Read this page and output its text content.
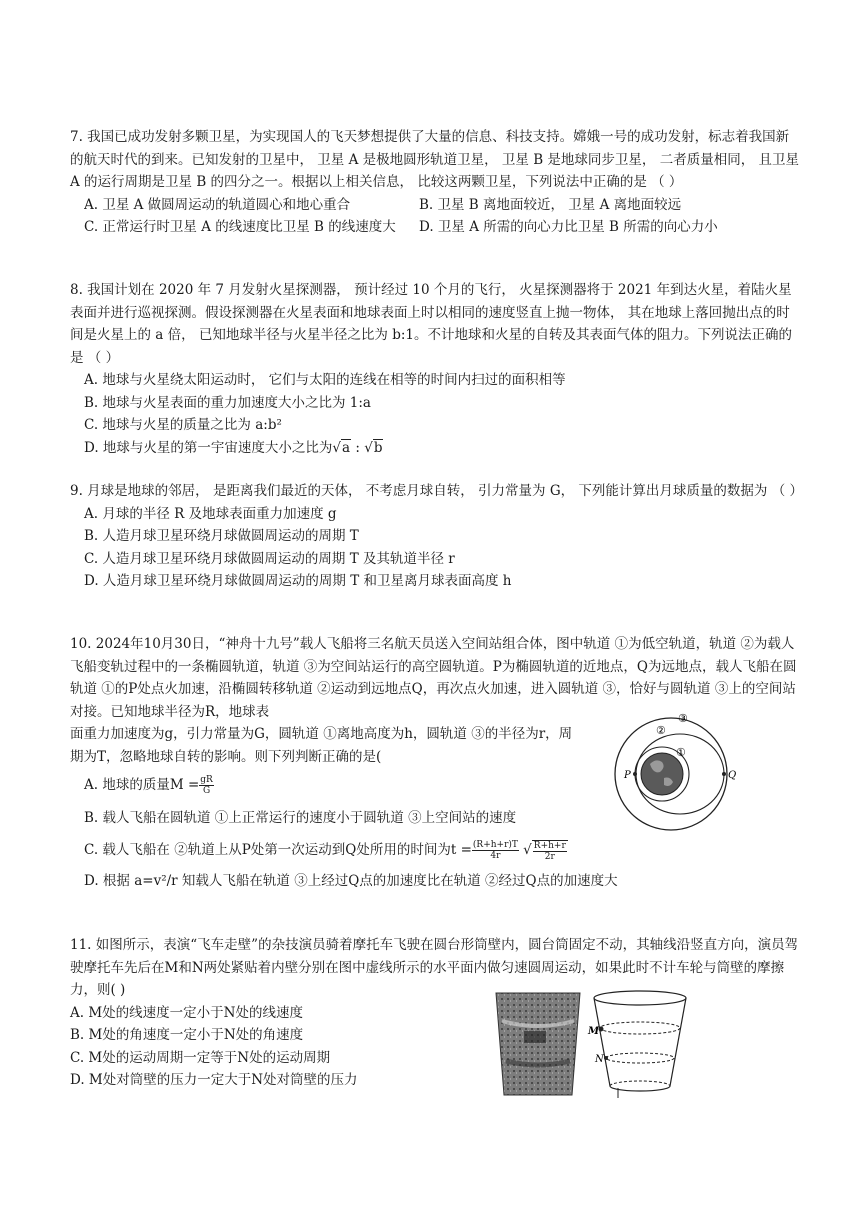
7. 我国已成功发射多颗卫星，为实现国人的飞天梦想提供了大量的信息、科技支持。嫦娥一号的成功发射，标志着我国新的航天时代的到来。已知发射的卫星中， 卫星 A 是极地圆形轨道卫星， 卫星 B 是地球同步卫星， 二者质量相同， 且卫星 A 的运行周期是卫星 B 的四分之一。根据以上相关信息， 比较这两颗卫星，下列说法中正确的是 （ ）

A. 卫星 A 做圆周运动的轨道圆心和地心重合	B. 卫星 B 离地面较近， 卫星 A 离地面较远
C. 正常运行时卫星 A 的线速度比卫星 B 的线速度大	D. 卫星 A 所需的向心力比卫星 B 所需的向心力小

8. 我国计划在 2020 年 7 月发射火星探测器， 预计经过 10 个月的飞行， 火星探测器将于 2021 年到达火星，着陆火星表面并进行巡视探测。假设探测器在火星表面和地球表面上时以相同的速度竖直上抛一物体， 其在地球上落回抛出点的时间是火星上的 a 倍， 已知地球半径与火星半径之比为 b:1。不计地球和火星的自转及其表面气体的阻力。下列说法正确的是 （ ）

A. 地球与火星绕太阳运动时， 它们与太阳的连线在相等的时间内扫过的面积相等

B. 地球与火星表面的重力加速度大小之比为 1:a

C. 地球与火星的质量之比为 a:b²

D. 地球与火星的第一宇宙速度大小之比为√a : √b

9. 月球是地球的邻居， 是距离我们最近的天体， 不考虑月球自转， 引力常量为 G， 下列能计算出月球质量的数据为 （ ）

A. 月球的半径 R 及地球表面重力加速度 g

B. 人造月球卫星环绕月球做圆周运动的周期 T

C. 人造月球卫星环绕月球做圆周运动的周期 T 及其轨道半径 r

D. 人造月球卫星环绕月球做圆周运动的周期 T 和卫星离月球表面高度 h

10. 2024年10月30日，“神舟十九号”载人飞船将三名航天员送入空间站组合体，图中轨道 ①为低空轨道，轨道 ②为载人飞船变轨过程中的一条椭圆轨道，轨道 ③为空间站运行的高空圆轨道。P为椭圆轨道的近地点，Q为远地点，载人飞船在圆轨道 ①的P处点火加速，沿椭圆转移轨道 ②运动到远地点Q，再次点火加速，进入圆轨道 ③，恰好与圆轨道 ③上的空间站对接。已知地球半径为R，地球表

面重力加速度为g，引力常量为G，圆轨道 ①离地高度为h，圆轨道 ③的半径为r，周期为T，忽略地球自转的影响。则下列判断正确的是(

A. 地球的质量$M = \frac{gR}{G}$

B. 载人飞船在圆轨道 ①上正常运行的速度小于圆轨道 ③上空间站的速度

C. 载人飞船在 ②轨道上从P处第一次运动到Q处所用的时间为$t = \frac{(R+h+r)T}{4r}$ √ $\frac{R+h+r}{2r}$

D. 根据 a=v²/r 知载人飞船在轨道 ③上经过Q点的加速度比在轨道 ②经过Q点的加速度大

P	Q
①
②
③

11. 如图所示，表演“飞车走壁”的杂技演员骑着摩托车飞驶在圆台形筒壁内，圆台筒固定不动，其轴线沿竖直方向，演员驾驶摩托车先后在M和N两处紧贴着内壁分别在图中虚线所示的水平面内做匀速圆周运动，如果此时不计车轮与筒壁的摩擦力，则( )

A. M处的线速度一定小于N处的线速度

B. M处的角速度一定小于N处的角速度

C. M处的运动周期一定等于N处的运动周期

D. M处对筒壁的压力一定大于N处对筒壁的压力

M
N
